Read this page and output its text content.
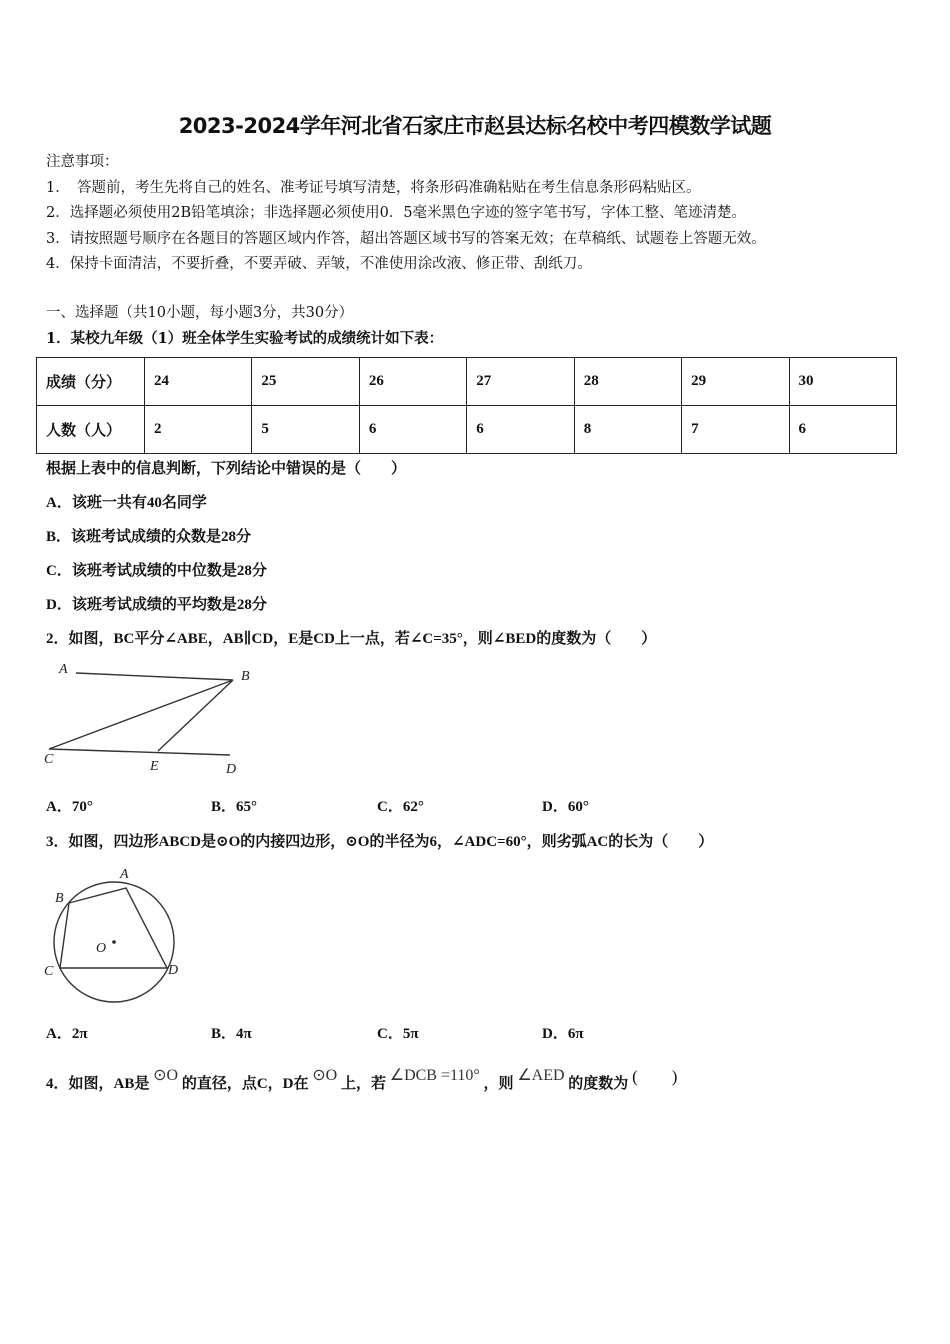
2023-2024学年河北省石家庄市赵县达标名校中考四模数学试题
注意事项：
1．　答题前，考生先将自己的姓名、准考证号填写清楚，将条形码准确粘贴在考生信息条形码粘贴区。
2．选择题必须使用2B铅笔填涂；非选择题必须使用0．5毫米黑色字迹的签字笔书写，字体工整、笔迹清楚。
3．请按照题号顺序在各题目的答题区域内作答，超出答题区域书写的答案无效；在草稿纸、试题卷上答题无效。
4．保持卡面清洁，不要折叠，不要弄破、弄皱，不准使用涂改液、修正带、刮纸刀。
一、选择题（共10小题，每小题3分，共30分）
1．某校九年级（1）班全体学生实验考试的成绩统计如下表：
成绩（分）	24	25	26	27	28	29	30
人数（人）	2	5	6	6	8	7	6
根据上表中的信息判断，下列结论中错误的是（　　）
A．该班一共有40名同学
B．该班考试成绩的众数是28分
C．该班考试成绩的中位数是28分
D．该班考试成绩的平均数是28分
2．如图，BC平分∠ABE，AB∥CD，E是CD上一点，若∠C=35°，则∠BED的度数为（　　）
A	B
C	E	D
A．70°	B．65°	C．62°	D．60°
3．如图，四边形ABCD是⊙O的内接四边形，⊙O的半径为6，∠ADC=60°，则劣弧AC的长为（　　）
A
B
C	D
O
A．2π	B．4π	C．5π	D．6π
4．如图，AB是 ⊙O 的直径，点C，D在 ⊙O 上，若 ∠DCB =110° ，则 ∠AED 的度数为 (　　)
